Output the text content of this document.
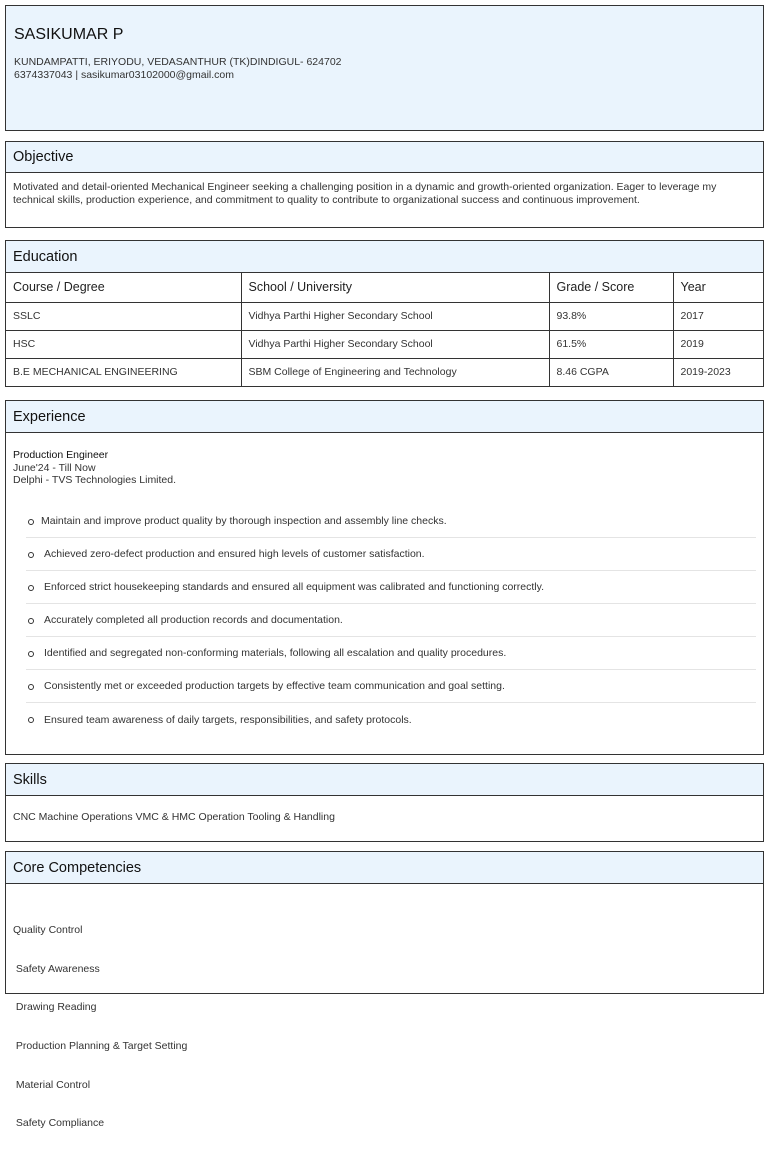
SASIKUMAR P
KUNDAMPATTI, ERIYODU, VEDASANTHUR (TK)DINDIGUL- 624702
6374337043 | sasikumar03102000@gmail.com
Objective
Motivated and detail-oriented Mechanical Engineer seeking a challenging position in a dynamic and growth-oriented organization. Eager to leverage my technical skills, production experience, and commitment to quality to contribute to organizational success and continuous improvement.
Education
Course / Degree	School / University	Grade / Score	Year
SSLC	Vidhya Parthi Higher Secondary School	93.8%	2017
HSC	Vidhya Parthi Higher Secondary School	61.5%	2019
B.E MECHANICAL ENGINEERING	SBM College of Engineering and Technology	8.46 CGPA	2019-2023
Experience
Production Engineer
June'24 - Till Now
Delphi - TVS Technologies Limited.
Maintain and improve product quality by thorough inspection and assembly line checks.
Achieved zero-defect production and ensured high levels of customer satisfaction.
Enforced strict housekeeping standards and ensured all equipment was calibrated and functioning correctly.
Accurately completed all production records and documentation.
Identified and segregated non-conforming materials, following all escalation and quality procedures.
Consistently met or exceeded production targets by effective team communication and goal setting.
Ensured team awareness of daily targets, responsibilities, and safety protocols.
Skills
CNC Machine Operations VMC & HMC Operation Tooling & Handling
Core Competencies

Quality Control

Safety Awareness

Drawing Reading

Production Planning & Target Setting

Material Control

Safety Compliance
